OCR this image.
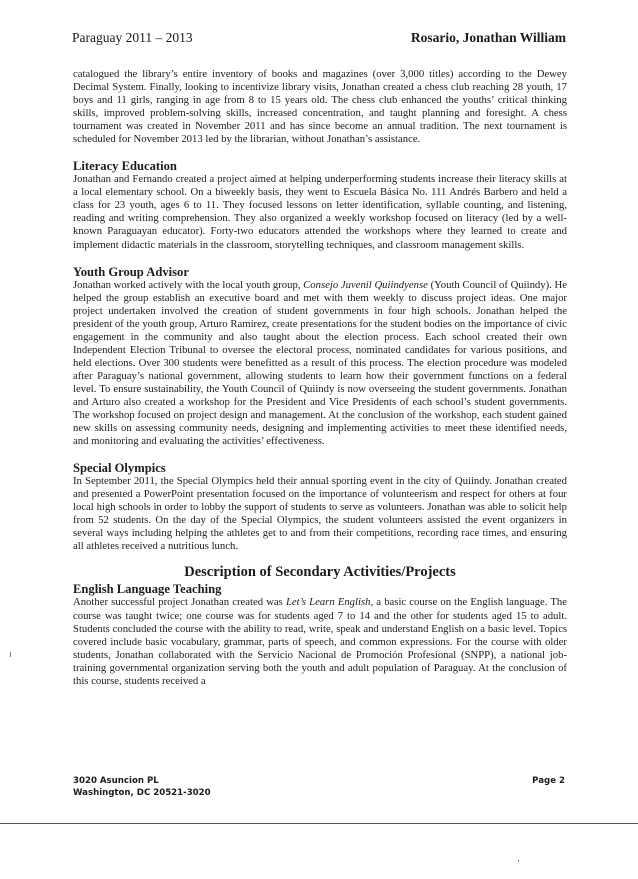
Paraguay 2011 – 2013	Rosario, Jonathan William

catalogued the library’s entire inventory of books and magazines (over 3,000 titles) according to the Dewey Decimal System. Finally, looking to incentivize library visits, Jonathan created a chess club reaching 28 youth, 17 boys and 11 girls, ranging in age from 8 to 15 years old. The chess club enhanced the youths’ critical thinking skills, improved problem-solving skills, increased concentration, and taught planning and foresight. A chess tournament was created in November 2011 and has since become an annual tradition. The next tournament is scheduled for November 2013 led by the librarian, without Jonathan’s assistance.

Literacy Education

Jonathan and Fernando created a project aimed at helping underperforming students increase their literacy skills at a local elementary school. On a biweekly basis, they went to Escuela Básica No. 111 Andrés Barbero and held a class for 23 youth, ages 6 to 11. They focused lessons on letter identification, syllable counting, and listening, reading and writing comprehension. They also organized a weekly workshop focused on literacy (led by a well-known Paraguayan educator). Forty-two educators attended the workshops where they learned to create and implement didactic materials in the classroom, storytelling techniques, and classroom management skills.

Youth Group Advisor

Jonathan worked actively with the local youth group, Consejo Juvenil Quiindyense (Youth Council of Quiindy). He helped the group establish an executive board and met with them weekly to discuss project ideas. One major project undertaken involved the creation of student governments in four high schools. Jonathan helped the president of the youth group, Arturo Ramírez, create presentations for the student bodies on the importance of civic engagement in the community and also taught about the election process. Each school created their own Independent Election Tribunal to oversee the electoral process, nominated candidates for various positions, and held elections. Over 300 students were benefitted as a result of this process. The election procedure was modeled after Paraguay’s national government, allowing students to learn how their government functions on a federal level. To ensure sustainability, the Youth Council of Quiindy is now overseeing the student governments. Jonathan and Arturo also created a workshop for the President and Vice Presidents of each school’s student governments. The workshop focused on project design and management. At the conclusion of the workshop, each student gained new skills on assessing community needs, designing and implementing activities to meet these identified needs, and monitoring and evaluating the activities’ effectiveness.

Special Olympics

In September 2011, the Special Olympics held their annual sporting event in the city of Quiindy. Jonathan created and presented a PowerPoint presentation focused on the importance of volunteerism and respect for others at four local high schools in order to lobby the support of students to serve as volunteers. Jonathan was able to solicit help from 52 students. On the day of the Special Olympics, the student volunteers assisted the event organizers in several ways including helping the athletes get to and from their competitions, recording race times, and ensuring all athletes received a nutritious lunch.

Description of Secondary Activities/Projects
English Language Teaching

Another successful project Jonathan created was Let’s Learn English, a basic course on the English language. The course was taught twice; one course was for students aged 7 to 14 and the other for students aged 15 to adult. Students concluded the course with the ability to read, write, speak and understand English on a basic level. Topics covered include basic vocabulary, grammar, parts of speech, and common expressions. For the course with older students, Jonathan collaborated with the Servicio Nacional de Promoción Profesional (SNPP), a national job-training governmental organization serving both the youth and adult population of Paraguay. At the conclusion of this course, students received a

3020 Asuncion PL
Washington, DC 20521-3020
Page 2
